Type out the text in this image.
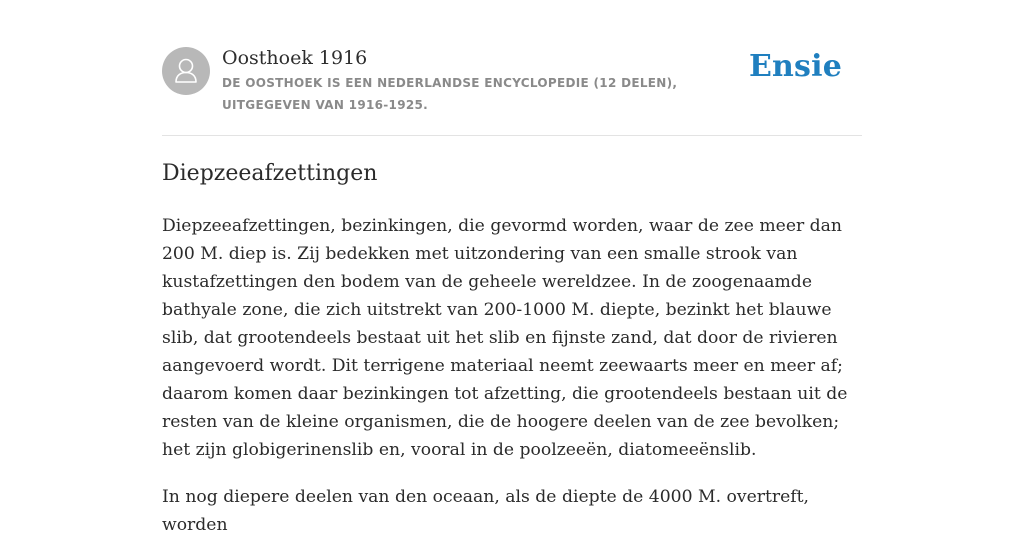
Oosthoek 1916
DE OOSTHOEK IS EEN NEDERLANDSE ENCYCLOPEDIE (12 DELEN), UITGEGEVEN VAN 1916-1925.
Ensie
Diepzeeafzettingen

Diepzeeafzettingen, bezinkingen, die gevormd worden, waar de zee meer dan 200 M. diep is. Zij bedekken met uitzondering van een smalle strook van kustafzettingen den bodem van de geheele wereldzee. In de zoogenaamde bathyale zone, die zich uitstrekt van 200-1000 M. diepte, bezinkt het blauwe slib, dat grootendeels bestaat uit het slib en fijnste zand, dat door de rivieren aangevoerd wordt. Dit terrigene materiaal neemt zeewaarts meer en meer af; daarom komen daar bezinkingen tot afzetting, die grootendeels bestaan uit de resten van de kleine organismen, die de hoogere deelen van de zee bevolken; het zijn globigerinenslib en, vooral in de poolzeeën, diatomeeënslib.

In nog diepere deelen van den oceaan, als de diepte de 4000 M. overtreft, worden
